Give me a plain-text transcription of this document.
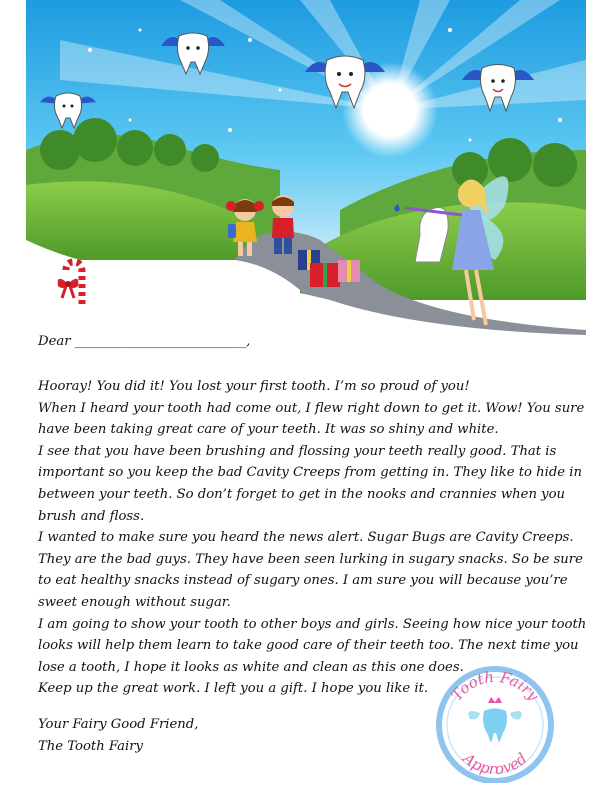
Dear __________________________,

Hooray! You did it! You lost your first tooth. I’m so proud of you!

When I heard your tooth had come out, I flew right down to get it. Wow! You sure have been taking great care of your teeth. It was so shiny and white.

I see that you have been brushing and flossing your teeth really good. That is important so you keep the bad Cavity Creeps from getting in. They like to hide in between your teeth. So don’t forget to get in the nooks and crannies when you brush and floss.

I wanted to make sure you heard the news alert. Sugar Bugs are Cavity Creeps. They are the bad guys. They have been seen lurking in sugary snacks. So be sure to eat healthy snacks instead of sugary ones. I am sure you will because you’re sweet enough without sugar.

I am going to show your tooth to other boys and girls. Seeing how nice your tooth looks will help them learn to take good care of their teeth too. The next time you lose a tooth, I hope it looks as white and clean as this one does.

Keep up the great work. I left you a gift. I hope you like it.

Your Fairy Good Friend,
The Tooth Fairy
Tooth Fairy
Approved
